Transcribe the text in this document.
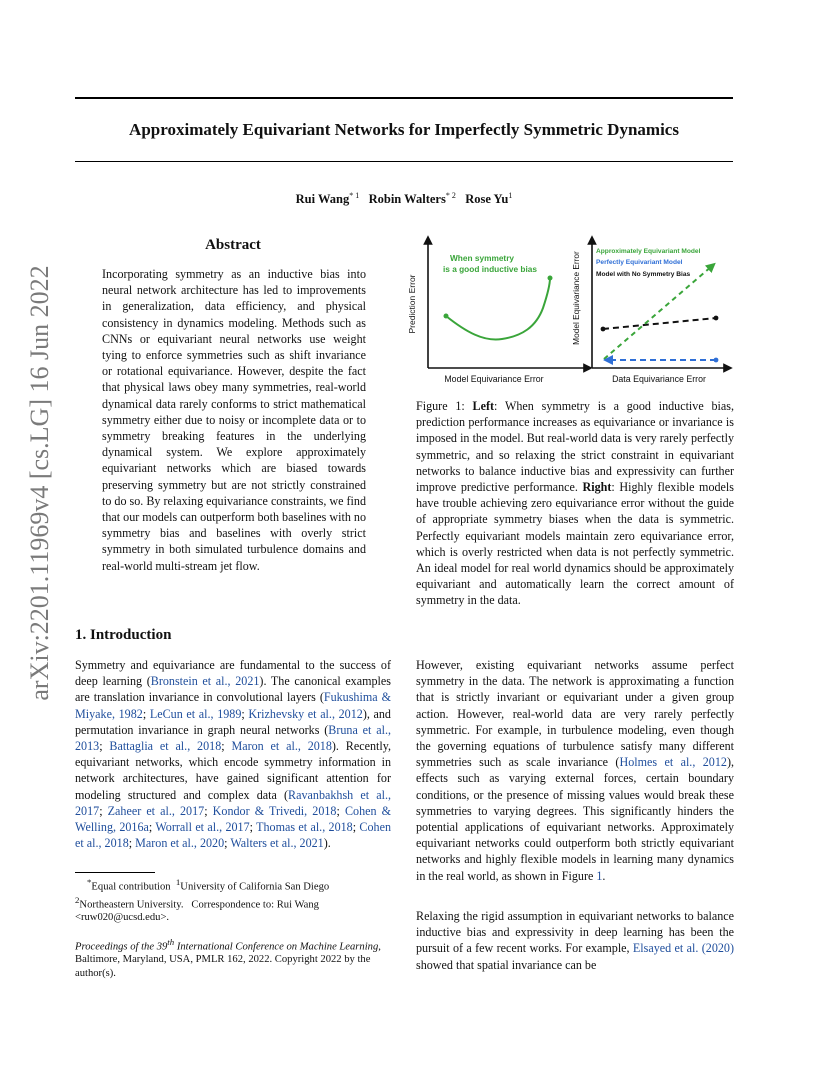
arXiv:2201.11969v4 [cs.LG] 16 Jun 2022
Approximately Equivariant Networks for Imperfectly Symmetric Dynamics
Rui Wang$^{* 1}$ Robin Walters$^{* 2}$ Rose Yu$^1$
Abstract

Incorporating symmetry as an inductive bias into neural network architecture has led to improvements in generalization, data efficiency, and physical consistency in dynamics modeling. Methods such as CNNs or equivariant neural networks use weight tying to enforce symmetries such as shift invariance or rotational equivariance. However, despite the fact that physical laws obey many symmetries, real-world dynamical data rarely conforms to strict mathematical symmetry either due to noisy or incomplete data or to symmetry breaking features in the underlying dynamical system. We explore approximately equivariant networks which are biased towards preserving symmetry but are not strictly constrained to do so. By relaxing equivariance constraints, we find that our models can outperform both baselines with no symmetry bias and baselines with overly strict symmetry in both simulated turbulence domains and real-world multi-stream jet flow.

Prediction Error
Model Equivariance Error
When symmetry
is a good inductive bias	Model Equivariance Error
Data Equivariance Error
Approximately Equivariant Model
Perfectly Equivariant Model
Model with No Symmetry Bias
Figure 1: Left: When symmetry is a good inductive bias, prediction performance increases as equivariance or invariance is imposed in the model. But real-world data is very rarely perfectly symmetric, and so relaxing the strict constraint in equivariant networks to balance inductive bias and expressivity can further improve predictive performance. Right: Highly flexible models have trouble achieving zero equivariance error without the guide of appropriate symmetry biases when the data is symmetric. Perfectly equivariant models maintain zero equivariance error, which is overly restricted when data is not perfectly symmetric. An ideal model for real world dynamics should be approximately equivariant and automatically learn the correct amount of symmetry in the data.
1. Introduction

Symmetry and equivariance are fundamental to the success of deep learning (Bronstein et al., 2021). The canonical examples are translation invariance in convolutional layers (Fukushima & Miyake, 1982; LeCun et al., 1989; Krizhevsky et al., 2012), and permutation invariance in graph neural networks (Bruna et al., 2013; Battaglia et al., 2018; Maron et al., 2018). Recently, equivariant networks, which encode symmetry information in network architectures, have gained significant attention for modeling structured and complex data (Ravanbakhsh et al., 2017; Zaheer et al., 2017; Kondor & Trivedi, 2018; Cohen & Welling, 2016a; Worrall et al., 2017; Thomas et al., 2018; Cohen et al., 2018; Maron et al., 2020; Walters et al., 2021).

*Equal contribution $^1$University of California San Diego

$^2$Northeastern University. Correspondence to: Rui Wang <ruw020@ucsd.edu>.

Proceedings of the 39th International Conference on Machine Learning, Baltimore, Maryland, USA, PMLR 162, 2022. Copyright 2022 by the author(s).

However, existing equivariant networks assume perfect symmetry in the data. The network is approximating a function that is strictly invariant or equivariant under a given group action. However, real-world data are very rarely perfectly symmetric. For example, in turbulence modeling, even though the governing equations of turbulence satisfy many different symmetries such as scale invariance (Holmes et al., 2012), effects such as varying external forces, certain boundary conditions, or the presence of missing values would break these symmetries to varying degrees. This significantly hinders the potential applications of equivariant networks. Approximately equivariant networks could outperform both strictly equivariant networks and highly flexible models in learning many dynamics in the real world, as shown in Figure 1.

Relaxing the rigid assumption in equivariant networks to balance inductive bias and expressivity in deep learning has been the pursuit of a few recent works. For example, Elsayed et al. (2020) showed that spatial invariance can be
